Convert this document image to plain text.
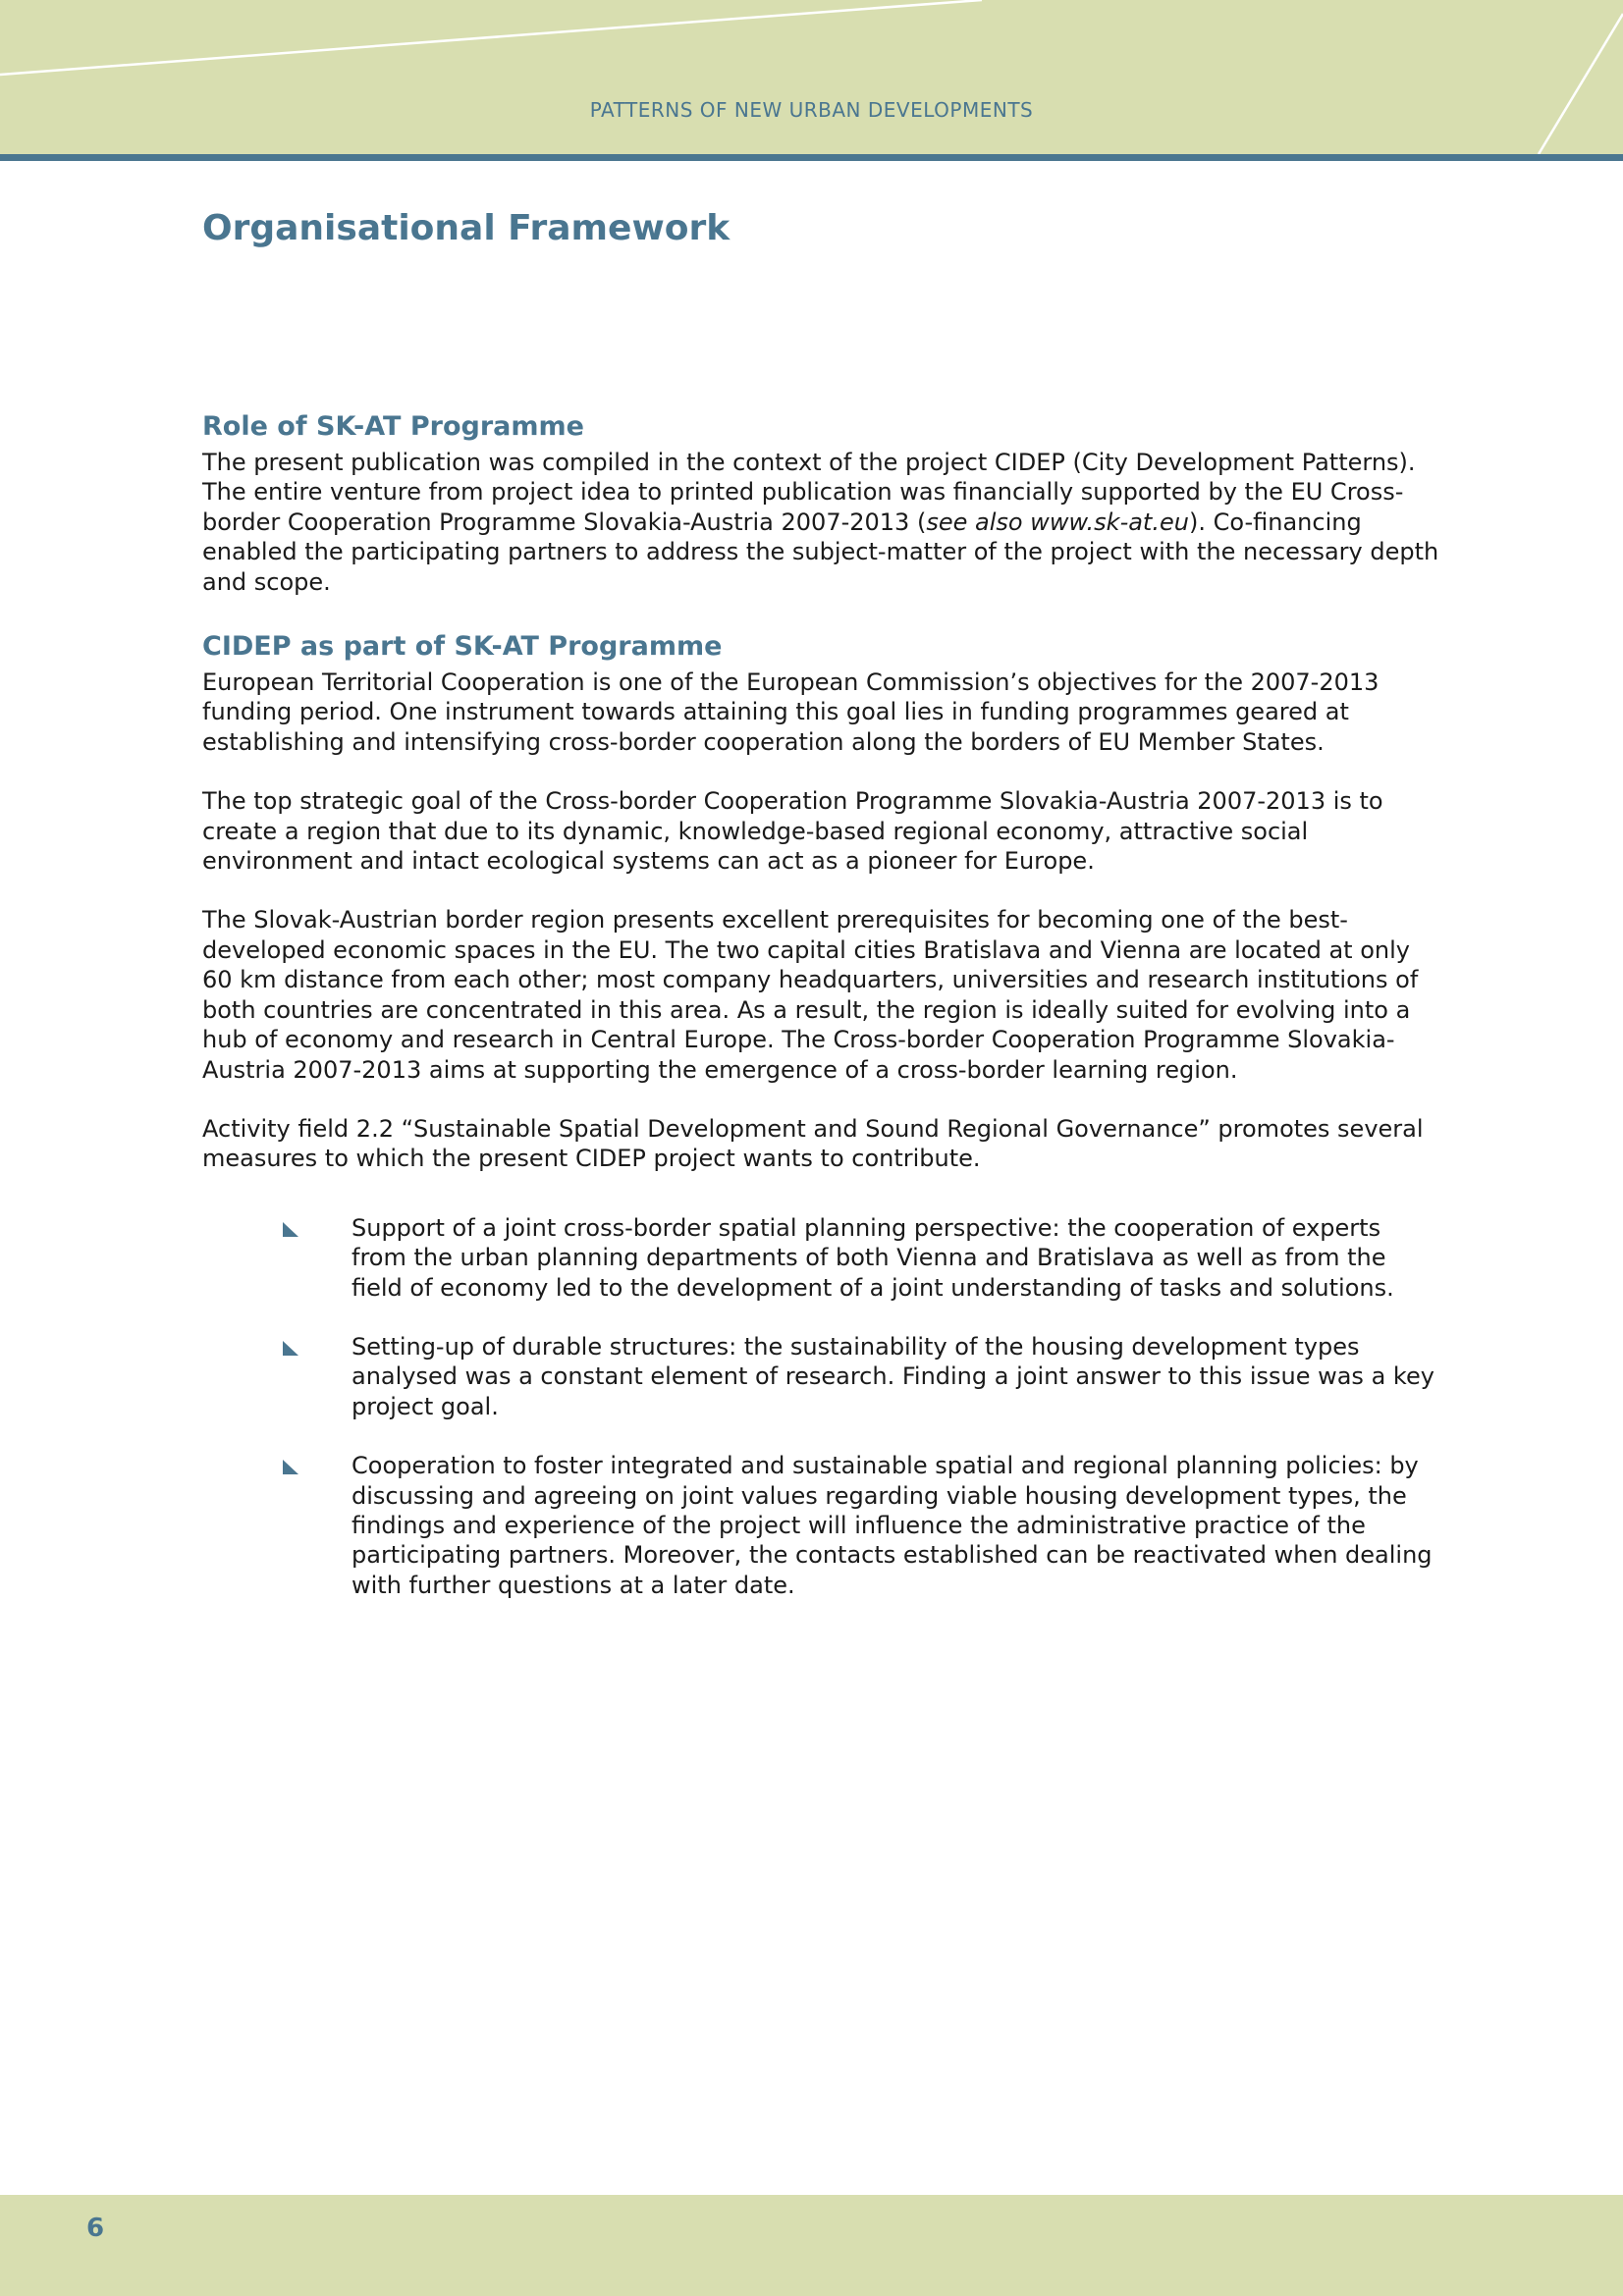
PATTERNS OF NEW URBAN DEVELOPMENTS
Organisational Framework
Role of SK-AT Programme

The present publication was compiled in the context of the project CIDEP (City Development Patterns). The entire venture from project idea to printed publication was financially supported by the EU Cross-border Cooperation Programme Slovakia-Austria 2007-2013 (see also www.sk-at.eu). Co-financing enabled the participating partners to address the subject-matter of the project with the necessary depth and scope.

CIDEP as part of SK-AT Programme

European Territorial Cooperation is one of the European Commission’s objectives for the 2007-2013 funding period. One instrument towards attaining this goal lies in funding programmes geared at establishing and intensifying cross-border cooperation along the borders of EU Member States.

The top strategic goal of the Cross-border Cooperation Programme Slovakia-Austria 2007-2013 is to create a region that due to its dynamic, knowledge-based regional economy, attractive social environment and intact ecological systems can act as a pioneer for Europe.

The Slovak-Austrian border region presents excellent prerequisites for becoming one of the best-developed economic spaces in the EU. The two capital cities Bratislava and Vienna are located at only 60 km distance from each other; most company headquarters, universities and research institutions of both countries are concentrated in this area. As a result, the region is ideally suited for evolving into a hub of economy and research in Central Europe. The Cross-border Cooperation Programme Slovakia-Austria 2007-2013 aims at supporting the emergence of a cross-border learning region.

Activity field 2.2 “Sustainable Spatial Development and Sound Regional Governance” promotes several measures to which the present CIDEP project wants to contribute.

Support of a joint cross-border spatial planning perspective: the cooperation of experts from the urban planning departments of both Vienna and Bratislava as well as from the field of economy led to the development of a joint understanding of tasks and solutions.
Setting-up of durable structures: the sustainability of the housing development types analysed was a constant element of research. Finding a joint answer to this issue was a key project goal.
Cooperation to foster integrated and sustainable spatial and regional planning policies: by discussing and agreeing on joint values regarding viable housing development types, the findings and experience of the project will influence the administrative practice of the participating partners. Moreover, the contacts established can be reactivated when dealing with further questions at a later date.
6
